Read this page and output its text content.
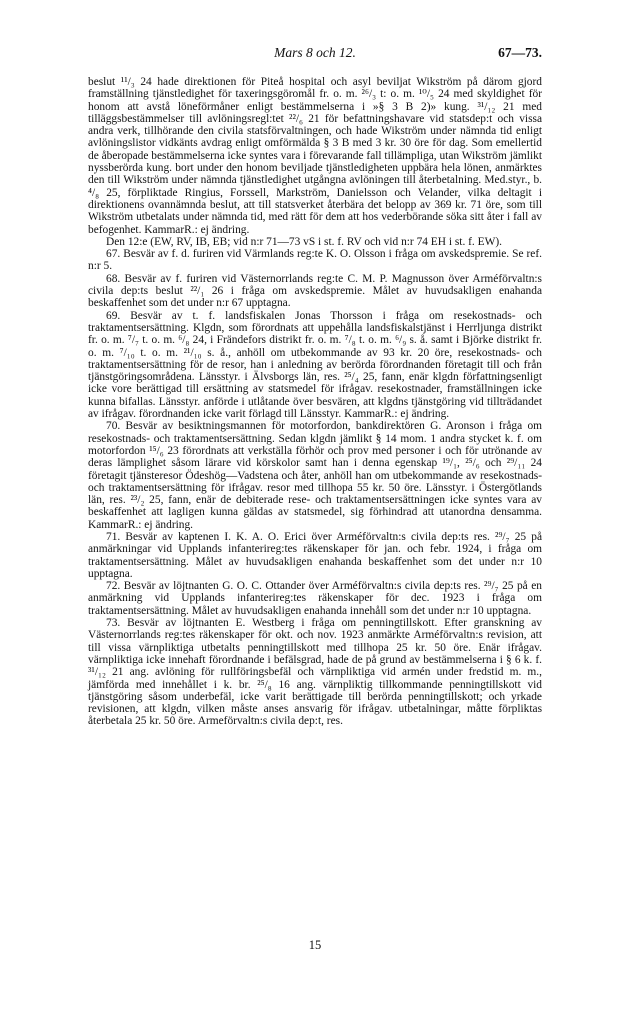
Mars 8 och 12.	67—73.

beslut ¹¹/₃ 24 hade direktionen för Piteå hospital och asyl beviljat Wikström på därom gjord framställning tjänstledighet för taxeringsgöromål fr. o. m. ²⁶/₃ t: o. m. ¹⁰/₅ 24 med skyldighet för honom att avstå löneförmåner enligt bestämmelserna i »§ 3 B 2)» kung. ³¹/₁₂ 21 med tilläggsbestämmelser till avlöningsregl:tet ²²/₆ 21 för befattningshavare vid statsdep:t och vissa andra verk, tillhörande den civila statsförvaltningen, och hade Wikström under nämnda tid enligt avlöningslistor vidkänts avdrag enligt omförmälda § 3 B med 3 kr. 30 öre för dag. Som emellertid de åberopade bestämmelserna icke syntes vara i förevarande fall tillämpliga, utan Wikström jämlikt nyssberörda kung. bort under den honom beviljade tjänstledigheten uppbära hela lönen, anmärktes den till Wikström under nämnda tjänstledighet utgångna avlöningen till återbetalning. Med.styr., b. ⁴/₈ 25, förpliktade Ringius, Forssell, Markström, Danielsson och Velander, vilka deltagit i direktionens ovannämnda beslut, att till statsverket återbära det belopp av 369 kr. 71 öre, som till Wikström utbetalats under nämnda tid, med rätt för dem att hos vederbörande söka sitt åter i fall av befogenhet. KammarR.: ej ändring.

Den 12:e (EW, RV, IB, EB; vid n:r 71—73 vS i st. f. RV och vid n:r 74 EH i st. f. EW).

67. Besvär av f. d. furiren vid Värmlands reg:te K. O. Olsson i fråga om avskedspremie. Se ref. n:r 5.

68. Besvär av f. furiren vid Västernorrlands reg:te C. M. P. Magnusson över Arméförvaltn:s civila dep:ts beslut ²²/₁ 26 i fråga om avskedspremie. Målet av huvudsakligen enahanda beskaffenhet som det under n:r 67 upptagna.

69. Besvär av t. f. landsfiskalen Jonas Thorsson i fråga om resekostnads- och traktamentsersättning. Klgdn, som förordnats att uppehålla landsfiskalstjänst i Herrljunga distrikt fr. o. m. ⁷/₇ t. o. m. ⁶/₈ 24, i Frändefors distrikt fr. o. m. ⁷/₈ t. o. m. ⁶/₉ s. å. samt i Björke distrikt fr. o. m. ⁷/₁₀ t. o. m. ²¹/₁₀ s. å., anhöll om utbekommande av 93 kr. 20 öre, resekostnads- och traktamentsersättning för de resor, han i anledning av berörda förordnanden företagit till och från tjänstgöringsområdena. Länsstyr. i Älvsborgs län, res. ²⁵/₄ 25, fann, enär klgdn författningsenligt icke vore berättigad till ersättning av statsmedel för ifrågav. resekostnader, framställningen icke kunna bifallas. Länsstyr. anförde i utlåtande över besvären, att klgdns tjänstgöring vid tillträdandet av ifrågav. förordnanden icke varit förlagd till Länsstyr. KammarR.: ej ändring.

70. Besvär av besiktningsmannen för motorfordon, bankdirektören G. Aronson i fråga om resekostnads- och traktamentsersättning. Sedan klgdn jämlikt § 14 mom. 1 andra stycket k. f. om motorfordon ¹⁵/₆ 23 förordnats att verkställa förhör och prov med personer i och för utrönande av deras lämplighet såsom lärare vid körskolor samt han i denna egenskap ¹⁹/₁, ²⁵/₆ och ²⁹/₁₁ 24 företagit tjänsteresor Ödeshög—Vadstena och åter, anhöll han om utbekommande av resekostnads- och traktamentsersättning för ifrågav. resor med tillhopa 55 kr. 50 öre. Länsstyr. i Östergötlands län, res. ²³/₂ 25, fann, enär de debiterade rese- och traktamentsersättningen icke syntes vara av beskaffenhet att lagligen kunna gäldas av statsmedel, sig förhindrad att utanordna densamma. KammarR.: ej ändring.

71. Besvär av kaptenen I. K. A. O. Erici över Arméförvaltn:s civila dep:ts res. ²⁹/₇ 25 på anmärkningar vid Upplands infanterireg:tes räkenskaper för jan. och febr. 1924, i fråga om traktamentsersättning. Målet av huvudsakligen enahanda beskaffenhet som det under n:r 10 upptagna.

72. Besvär av löjtnanten G. O. C. Ottander över Arméförvaltn:s civila dep:ts res. ²⁹/₇ 25 på en anmärkning vid Upplands infanterireg:tes räkenskaper för dec. 1923 i fråga om traktamentsersättning. Målet av huvudsakligen enahanda innehåll som det under n:r 10 upptagna.

73. Besvär av löjtnanten E. Westberg i fråga om penningtillskott. Efter granskning av Västernorrlands reg:tes räkenskaper för okt. och nov. 1923 anmärkte Arméförvaltn:s revision, att till vissa värnpliktiga utbetalts penningtillskott med tillhopa 25 kr. 50 öre. Enär ifrågav. värnpliktiga icke innehaft förordnande i befälsgrad, hade de på grund av bestämmelserna i § 6 k. f. ³¹/₁₂ 21 ang. avlöning för rullföringsbefäl och värnpliktiga vid armén under fredstid m. m., jämförda med innehållet i k. br. ²⁵/₈ 16 ang. värnpliktig tillkommande penningtillskott vid tjänstgöring såsom underbefäl, icke varit berättigade till berörda penningtillskott; och yrkade revisionen, att klgdn, vilken måste anses ansvarig för ifrågav. utbetalningar, måtte förpliktas återbetala 25 kr. 50 öre. Armeförvaltn:s civila dep:t, res.

15
